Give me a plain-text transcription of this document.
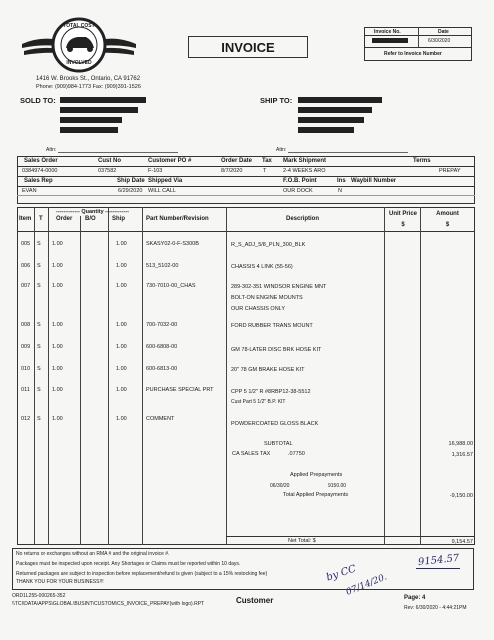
TOTAL COST
INVOLVED
1416 W. Brooks St., Ontario, CA 91762
Phone: (909)984-1773 Fax: (909)391-1526
INVOICE
Invoice No.	Date
6/30/2020
Refer to Invoice Number
SOLD TO:	SHIP TO:
Attn:	Attn:
Sales Order	Cust No	Customer PO #	Order Date Tax Mark Shipment	Terms
0384974-0000	037582	F-103	8/7/2020	T	2-4 WEEKS ARO	PREPAY
Sales Rep	Ship Date Shipped Via	F.O.B. Point	Ins Waybill Number
EVAN	6/29/2020 WILL CALL	OUR DOCK	N
------------- Quantity -------------
Item T Order B/O	Ship	Part Number/Revision	Description
Unit Price
$
Amount
$
005 S 1.00	1.00	SKASY02-0-F-S300B	R_S_ADJ_5/8_PLN_300_BLK
006 S 1.00	1.00	513_5102-00	CHASSIS 4 LINK (55-56)
007 S 1.00	1.00	730-7010-00_CHAS	289-302-351 WINDSOR ENGINE MNT
BOLT-ON ENGINE MOUNTS
OUR CHASSIS ONLY
008 S 1.00	1.00	700-7032-00	FORD RUBBER TRANS MOUNT
009 S 1.00	1.00	600-6808-00	GM 78-LATER DISC BRK HOSE KIT
010 S 1.00	1.00	600-6813-00	20" 78 GM BRAKE HOSE KIT
011 S 1.00	1.00	PURCHASE SPECIAL PRT	CPP 5 1/2" R #8RBP12-38-5512
Cust Part 5 1/2" B.P. KIT
012 S 1.00	1.00	COMMENT
POWDERCOATED GLOSS BLACK
SUBTOTAL	16,988.00
CA SALES TAX	.07750	1,316.57
Applied Prepayments
06/30/20	9150.00
Total Applied Prepayments	-9,150.00
Net Total: $	9,154.57
No returns or exchanges without an RMA # and the original invoice #.
Packages must be inspected upon receipt. Any Shortages or Claims must be reported within 10 days.
Returned packages are subject to inspection before replacement/refund is given (subject to a 15% restocking fee)
THANK YOU FOR YOUR BUSINESS!!!
9154.57
by CC
07/14/20.
ORD1L255-000265-352
\\TCI\DATA\APPS\GLOBAL\BUSINT\CUSTOM\CS_INVOICE_PREPAY(with logo).RPT	Customer	Page: 4
Rev: 6/30/2020 - 4:44:21PM
